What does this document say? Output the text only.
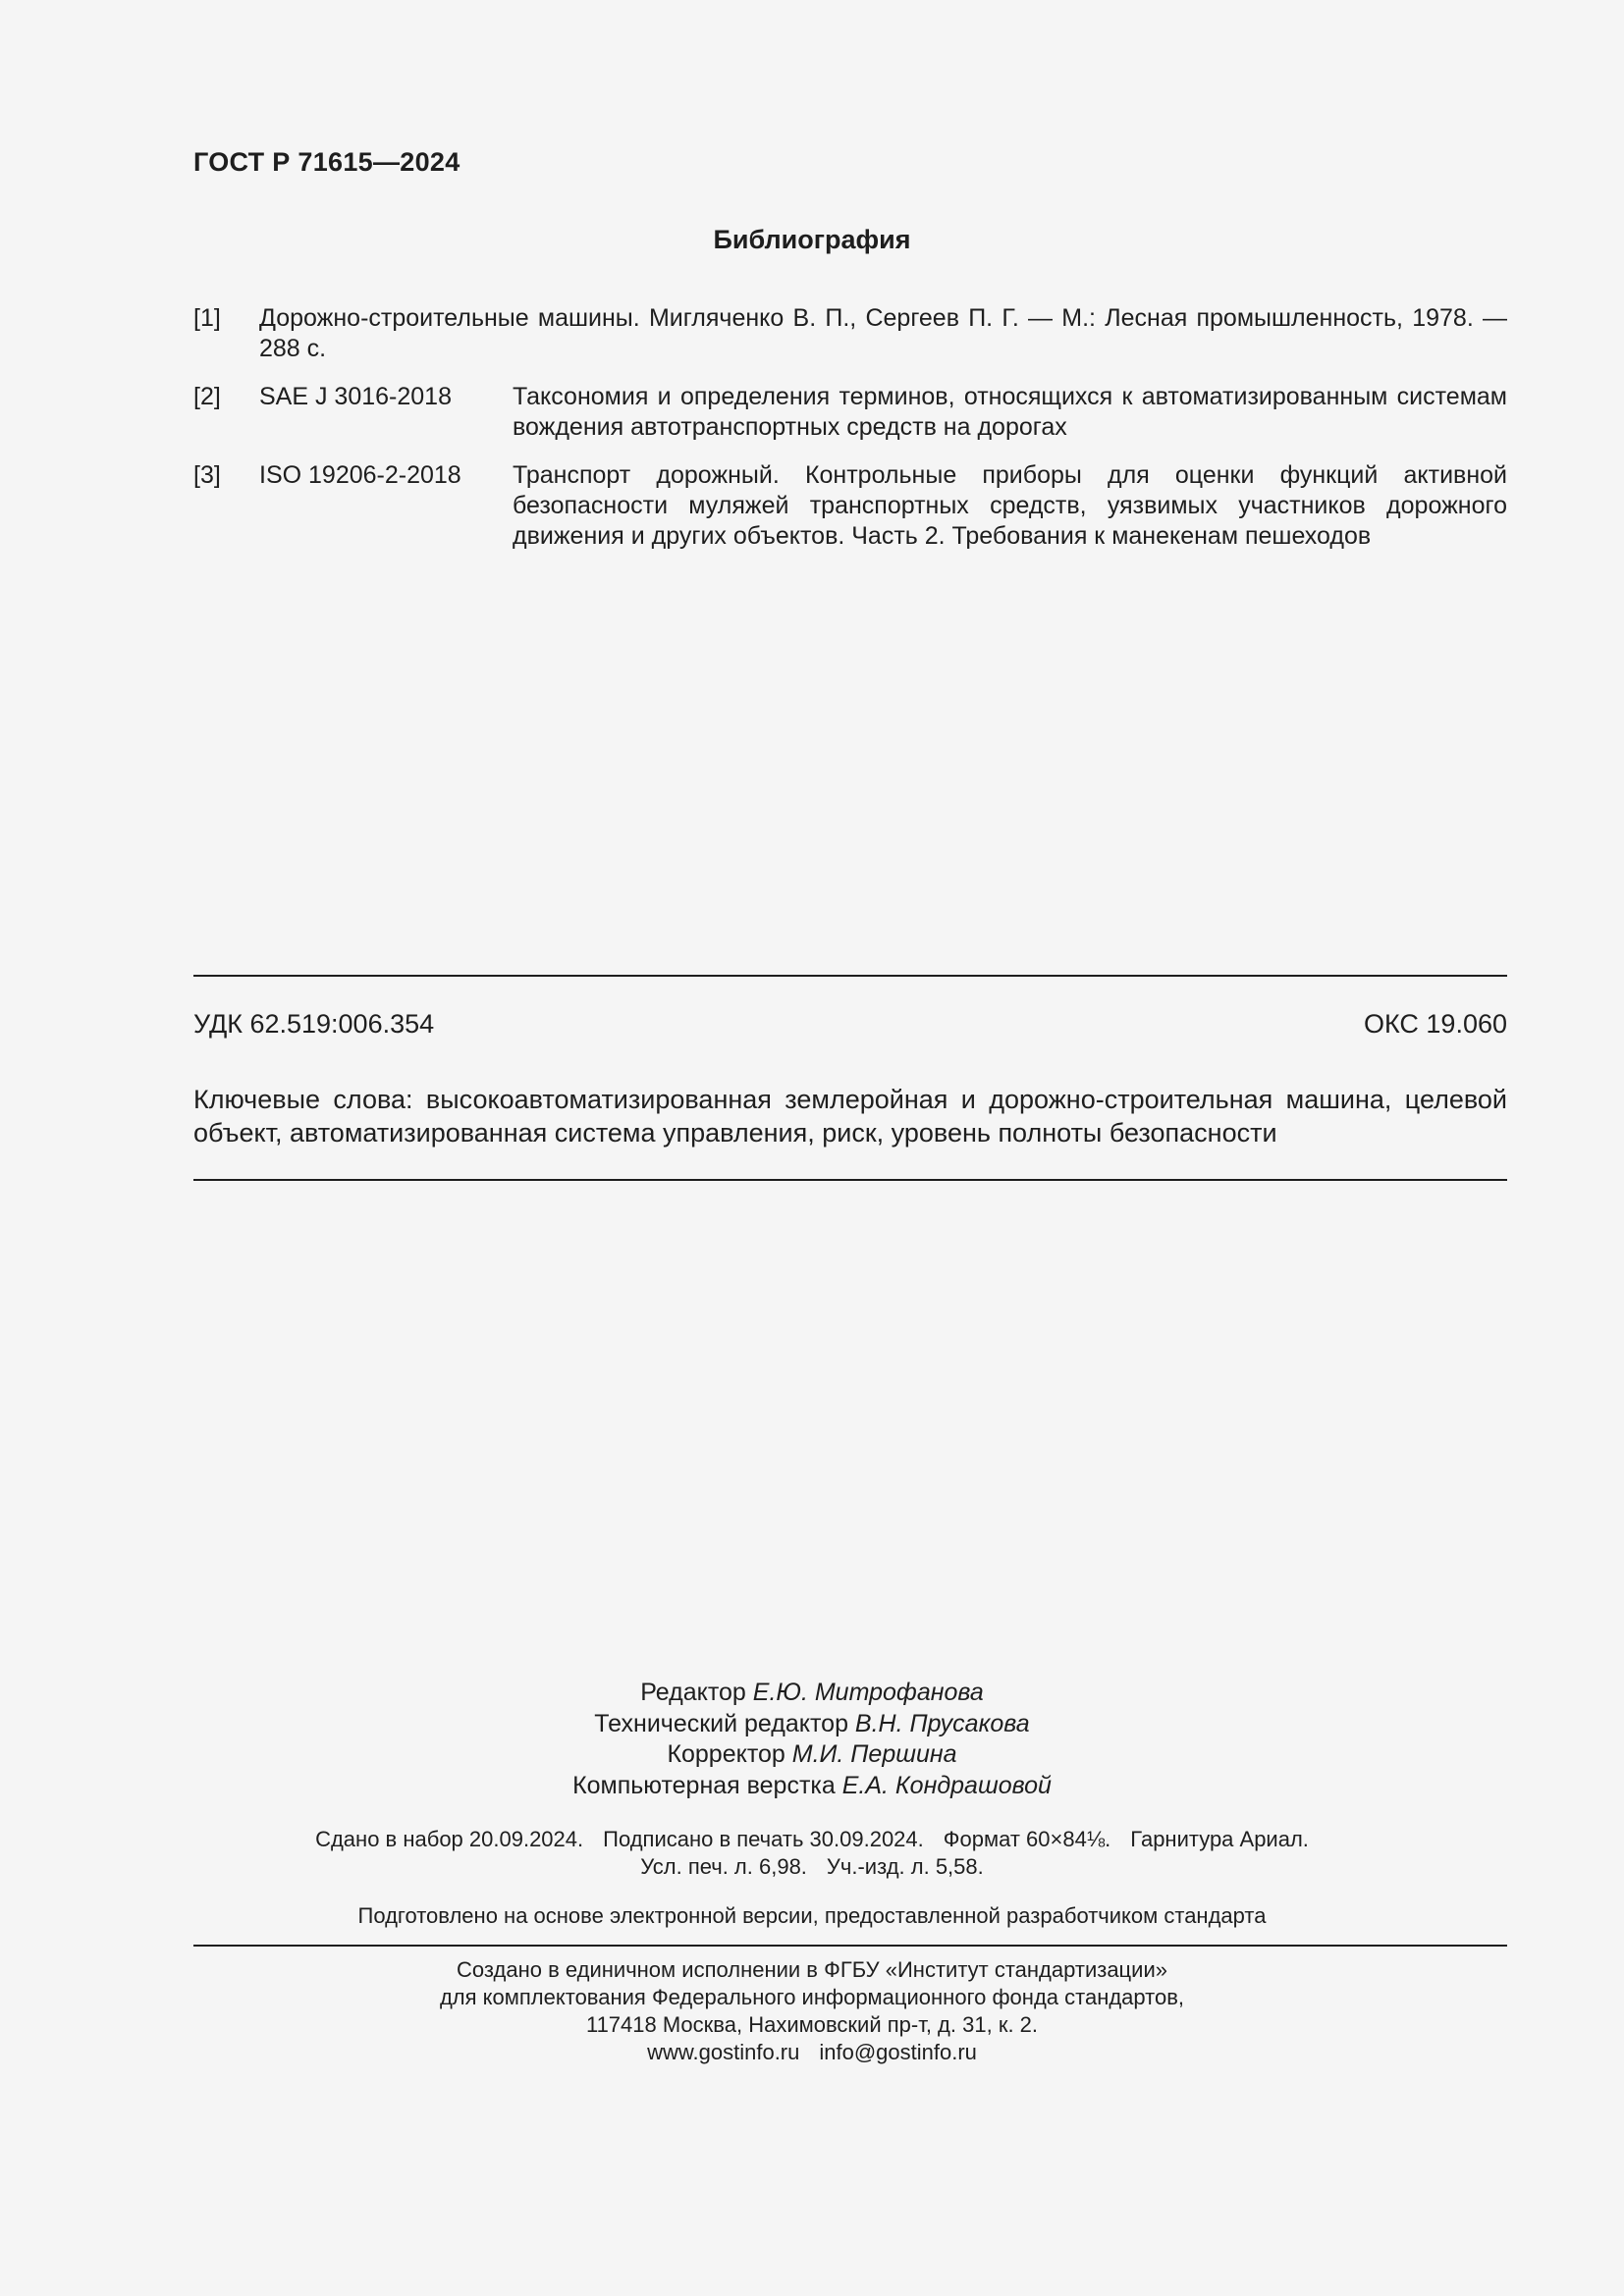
ГОСТ Р 71615—2024
Библиография
[1] Дорожно-строительные машины. Мигляченко В. П., Сергеев П. Г. — М.: Лесная промышленность, 1978. — 288 с.
[2] SAE J 3016-2018 Таксономия и определения терминов, относящихся к автоматизированным системам вождения автотранспортных средств на дорогах
[3] ISO 19206-2-2018 Транспорт дорожный. Контрольные приборы для оценки функций активной безопасности муляжей транспортных средств, уязвимых участников дорожного движения и других объектов. Часть 2. Требования к манекенам пешеходов
УДК 62.519:006.354	ОКС 19.060
Ключевые слова: высокоавтоматизированная землеройная и дорожно-строительная машина, целевой объект, автоматизированная система управления, риск, уровень полноты безопасности
Редактор Е.Ю. Митрофанова
Технический редактор В.Н. Прусакова
Корректор М.И. Першина
Компьютерная верстка Е.А. Кондрашовой
Сдано в набор 20.09.2024. Подписано в печать 30.09.2024. Формат 60×84⅛. Гарнитура Ариал.
Усл. печ. л. 6,98. Уч.-изд. л. 5,58.
Подготовлено на основе электронной версии, предоставленной разработчиком стандарта
Создано в единичном исполнении в ФГБУ «Институт стандартизации»
для комплектования Федерального информационного фонда стандартов,
117418 Москва, Нахимовский пр-т, д. 31, к. 2.
www.gostinfo.ru info@gostinfo.ru
